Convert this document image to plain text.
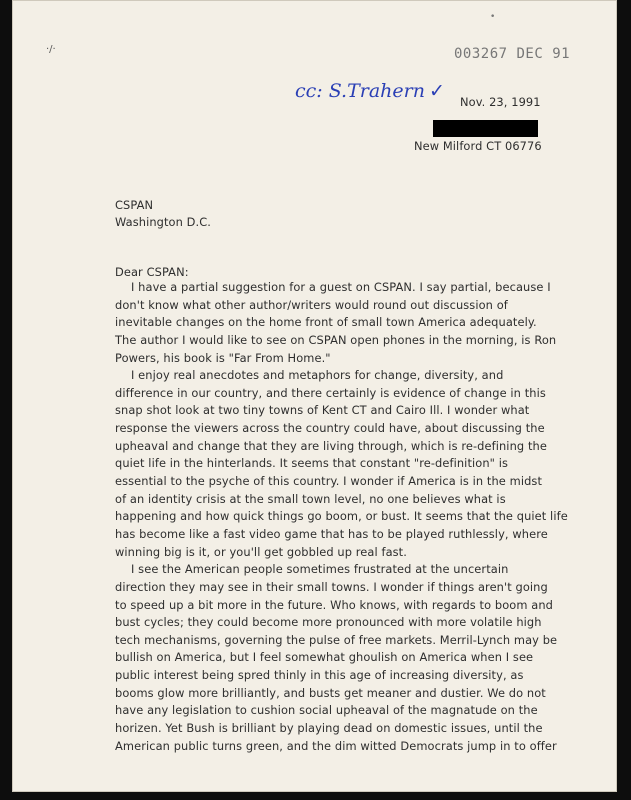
·/·
•
003267 DEC 91
cc: S.Trahern ✓ Nov. 23, 1991
New Milford CT 06776
CSPAN
Washington D.C.
Dear CSPAN:
I have a partial suggestion for a guest on CSPAN. I say partial, because I
don't know what other author/writers would round out discussion of
inevitable changes on the home front of small town America adequately.
The author I would like to see on CSPAN open phones in the morning, is Ron
Powers, his book is "Far From Home."
I enjoy real anecdotes and metaphors for change, diversity, and
difference in our country, and there certainly is evidence of change in this
snap shot look at two tiny towns of Kent CT and Cairo Ill. I wonder what
response the viewers across the country could have, about discussing the
upheaval and change that they are living through, which is re-defining the
quiet life in the hinterlands. It seems that constant "re-definition" is
essential to the psyche of this country. I wonder if America is in the midst
of an identity crisis at the small town level, no one believes what is
happening and how quick things go boom, or bust. It seems that the quiet life
has become like a fast video game that has to be played ruthlessly, where
winning big is it, or you'll get gobbled up real fast.
I see the American people sometimes frustrated at the uncertain
direction they may see in their small towns. I wonder if things aren't going
to speed up a bit more in the future. Who knows, with regards to boom and
bust cycles; they could become more pronounced with more volatile high
tech mechanisms, governing the pulse of free markets. Merril-Lynch may be
bullish on America, but I feel somewhat ghoulish on America when I see
public interest being spred thinly in this age of increasing diversity, as
booms glow more brilliantly, and busts get meaner and dustier. We do not
have any legislation to cushion social upheaval of the magnatude on the
horizen. Yet Bush is brilliant by playing dead on domestic issues, until the
American public turns green, and the dim witted Democrats jump in to offer
